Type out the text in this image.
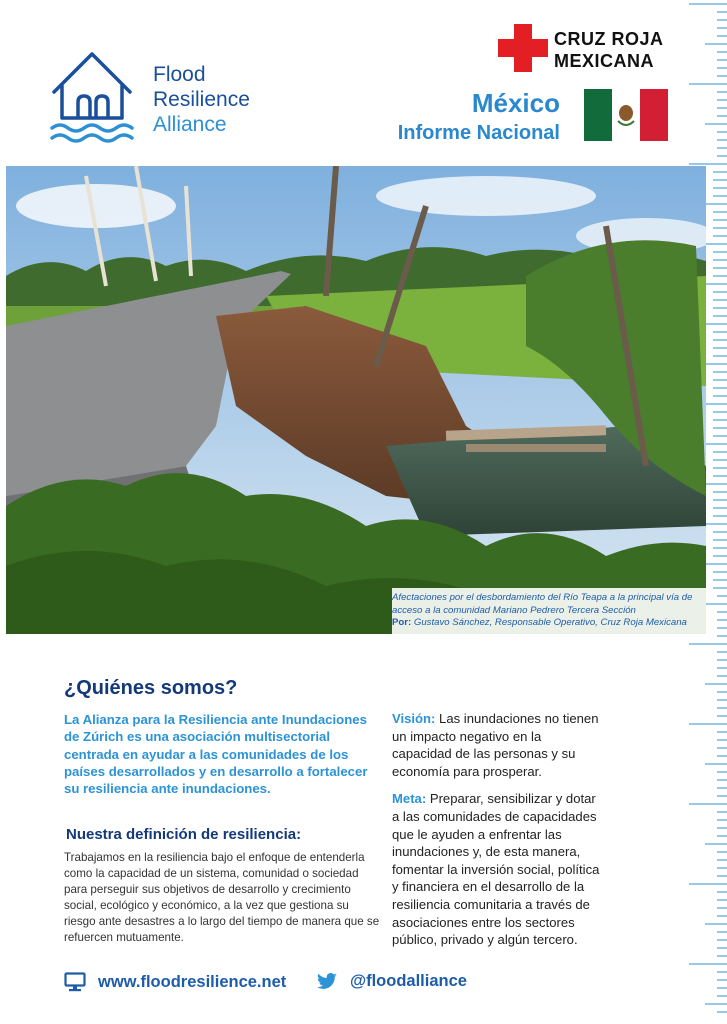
Flood
Resilience
Alliance
CRUZ ROJA
MEXICANA
México
Informe Nacional
Afectaciones por el desbordamiento del Río Teapa a la principal vía de acceso a la comunidad Mariano Pedrero Tercera Sección
Por: Gustavo Sánchez, Responsable Operativo, Cruz Roja Mexicana
¿Quiénes somos?
La Alianza para la Resiliencia ante Inundaciones de Zúrich es una asociación multisectorial centrada en ayudar a las comunidades de los países desarrollados y en desarrollo a fortalecer su resiliencia ante inundaciones.
Nuestra definición de resiliencia:
Trabajamos en la resiliencia bajo el enfoque de entenderla como la capacidad de un sistema, comunidad o sociedad para perseguir sus objetivos de desarrollo y crecimiento social, ecológico y económico, a la vez que gestiona su riesgo ante desastres a lo largo del tiempo de manera que se refuercen mutuamente.

Visión: Las inundaciones no tienen un impacto negativo en la capacidad de las personas y su economía para prosperar.

Meta: Preparar, sensibilizar y dotar a las comunidades de capacidades que le ayuden a enfrentar las inundaciones y, de esta manera, fomentar la inversión social, política y financiera en el desarrollo de la resiliencia comunitaria a través de asociaciones entre los sectores público, privado y algún tercero.

www.floodresilience.net	@floodalliance
